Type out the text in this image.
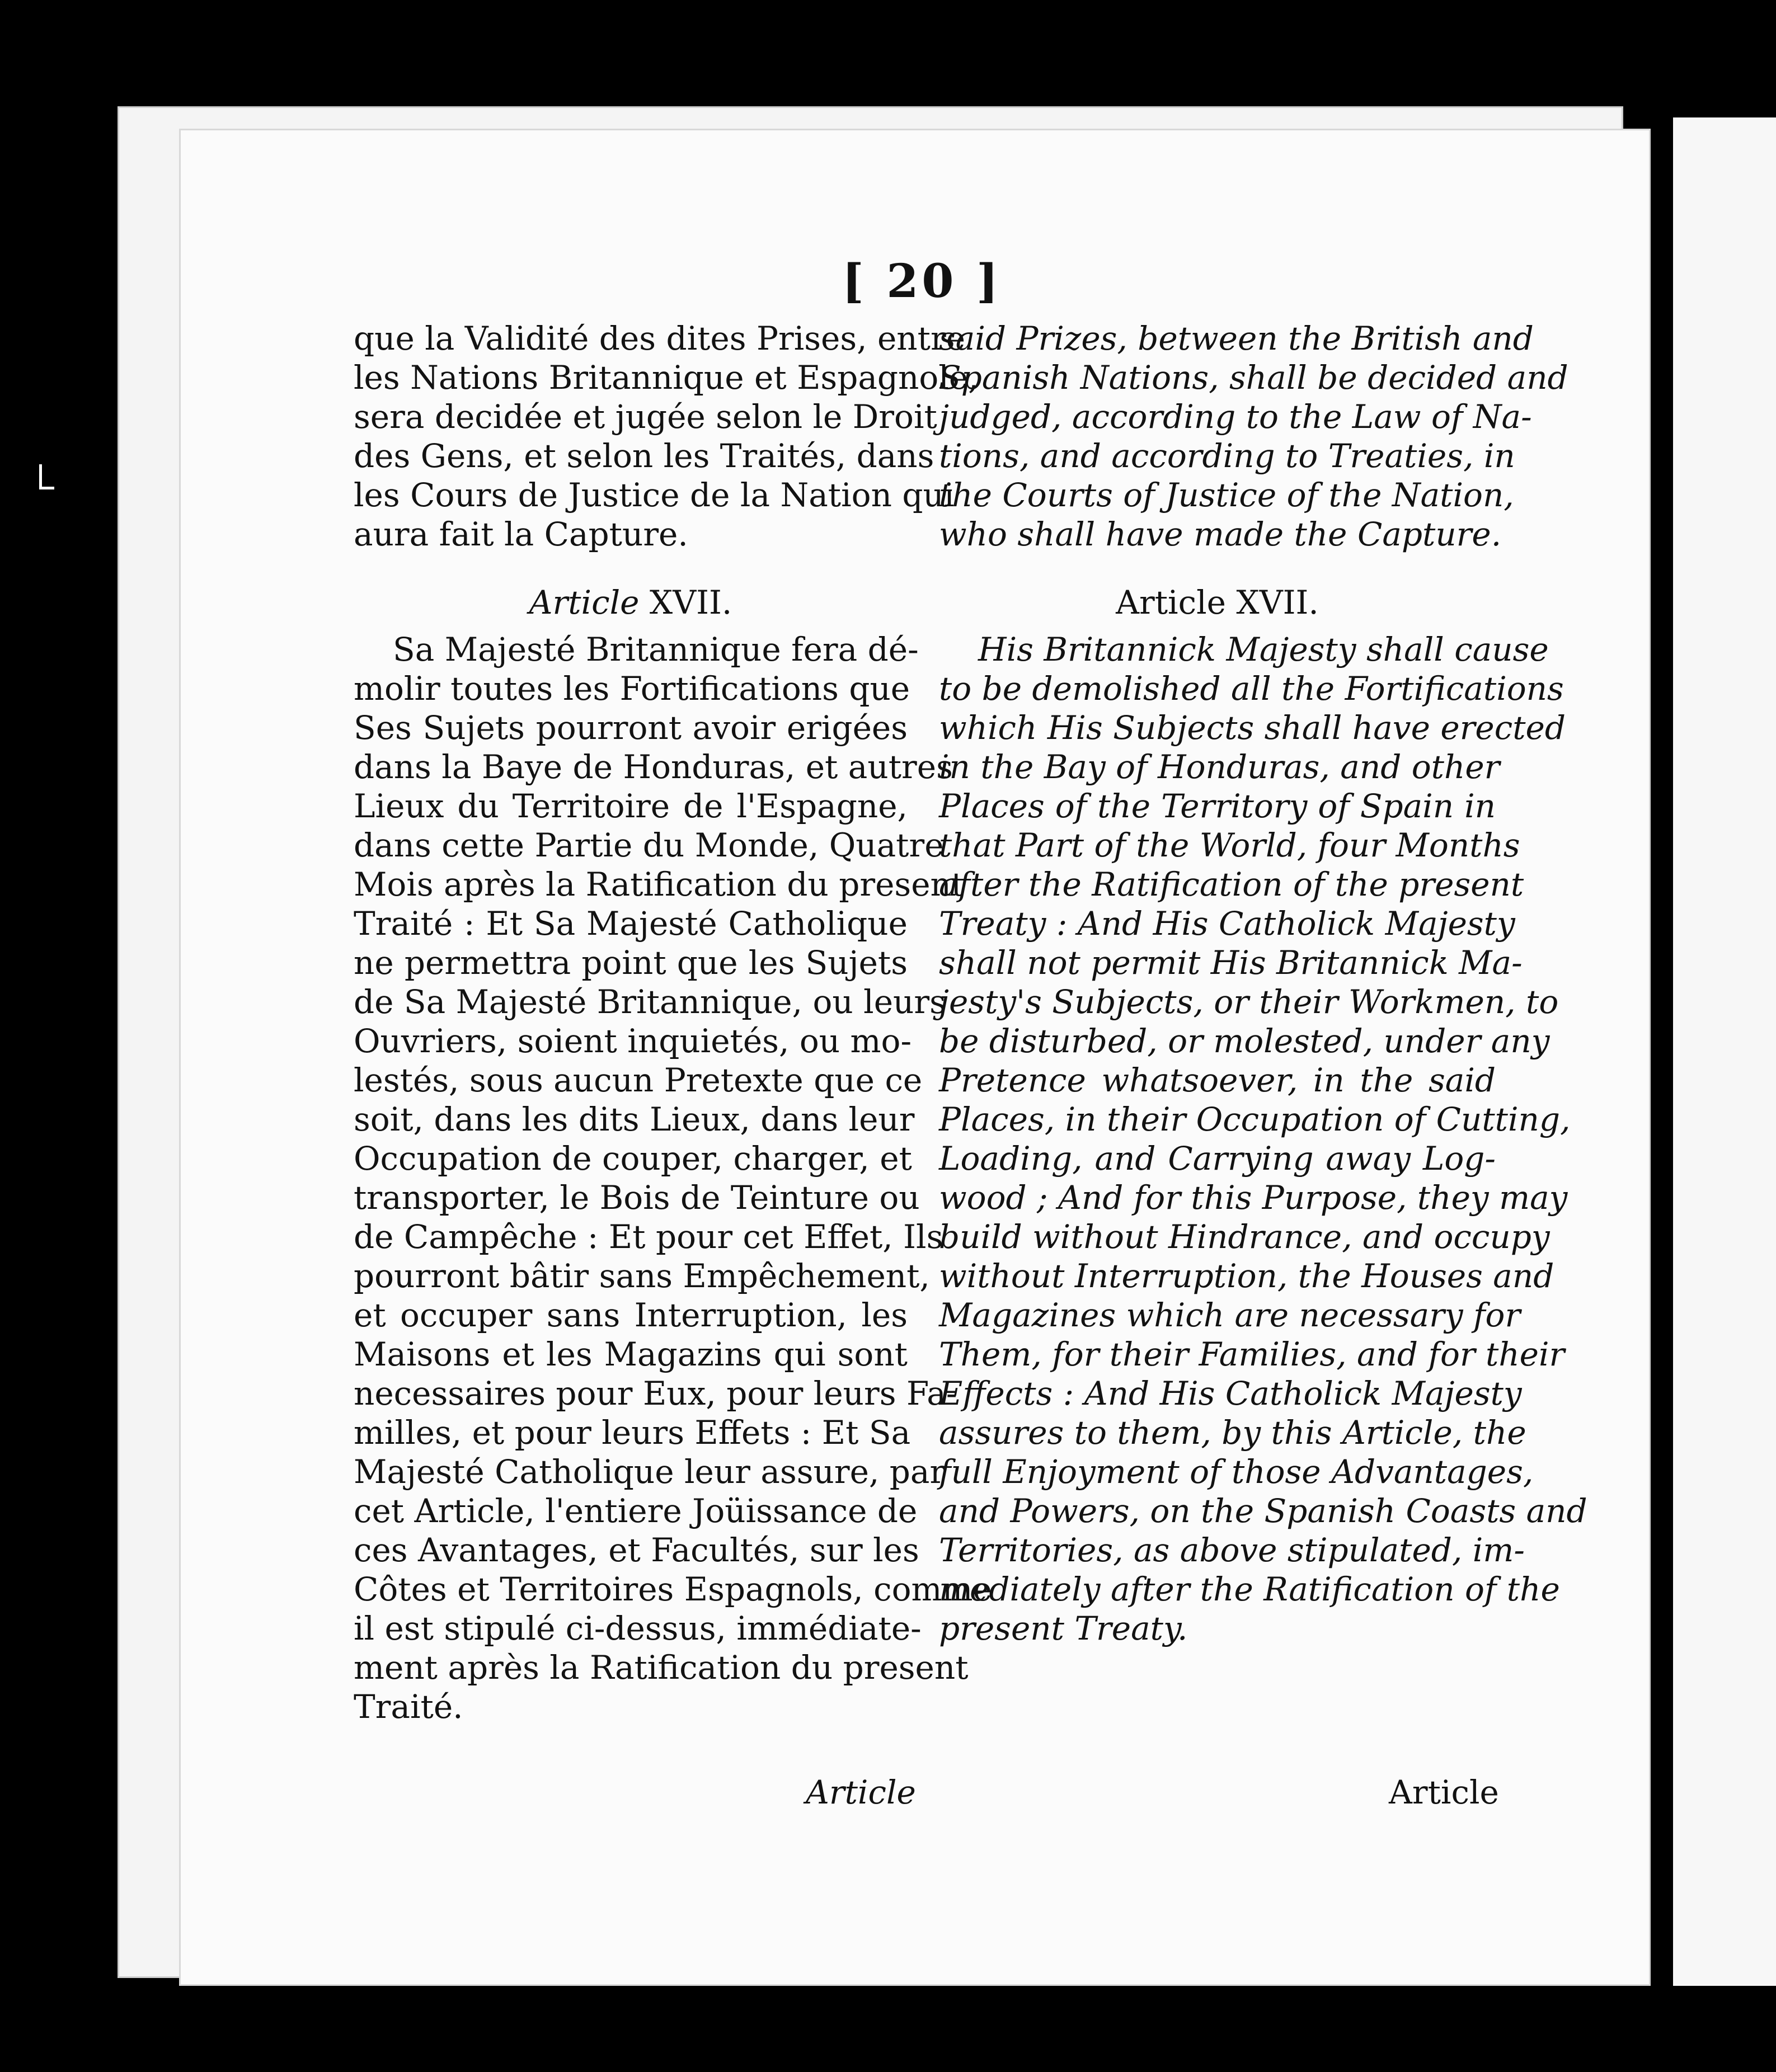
[ 20 ]
que la Validité des dites Prises, entre
les Nations Britannique et Espagnole,
sera decidée et jugée selon le Droit
des Gens, et selon les Traités, dans
les Cours de Justice de la Nation qui
aura fait la Capture.
Article XVII.
Sa Majesté Britannique fera dé-
molir toutes les Fortifications que
Ses Sujets pourront avoir erigées
dans la Baye de Honduras, et autres
Lieux du Territoire de l'Espagne,
dans cette Partie du Monde, Quatre
Mois après la Ratification du present
Traité : Et Sa Majesté Catholique
ne permettra point que les Sujets
de Sa Majesté Britannique, ou leurs
Ouvriers, soient inquietés, ou mo-
lestés, sous aucun Pretexte que ce
soit, dans les dits Lieux, dans leur
Occupation de couper, charger, et
transporter, le Bois de Teinture ou
de Campêche : Et pour cet Effet, Ils
pourront bâtir sans Empêchement,
et occuper sans Interruption, les
Maisons et les Magazins qui sont
necessaires pour Eux, pour leurs Fa-
milles, et pour leurs Effets : Et Sa
Majesté Catholique leur assure, par
cet Article, l'entiere Joüissance de
ces Avantages, et Facultés, sur les
Côtes et Territoires Espagnols, comme
il est stipulé ci-dessus, immédiate-
ment après la Ratification du present
Traité.
said Prizes, between the British and
Spanish Nations, shall be decided and
judged, according to the Law of Na-
tions, and according to Treaties, in
the Courts of Justice of the Nation,
who shall have made the Capture.
Article XVII.
His Britannick Majesty shall cause
to be demolished all the Fortifications
which His Subjects shall have erected
in the Bay of Honduras, and other
Places of the Territory of Spain in
that Part of the World, four Months
after the Ratification of the present
Treaty : And His Catholick Majesty
shall not permit His Britannick Ma-
jesty's Subjects, or their Workmen, to
be disturbed, or molested, under any
Pretence whatsoever, in the said
Places, in their Occupation of Cutting,
Loading, and Carrying away Log-
wood ; And for this Purpose, they may
build without Hindrance, and occupy
without Interruption, the Houses and
Magazines which are necessary for
Them, for their Families, and for their
Effects : And His Catholick Majesty
assures to them, by this Article, the
full Enjoyment of those Advantages,
and Powers, on the Spanish Coasts and
Territories, as above stipulated, im-
mediately after the Ratification of the
present Treaty.
Article	Article
